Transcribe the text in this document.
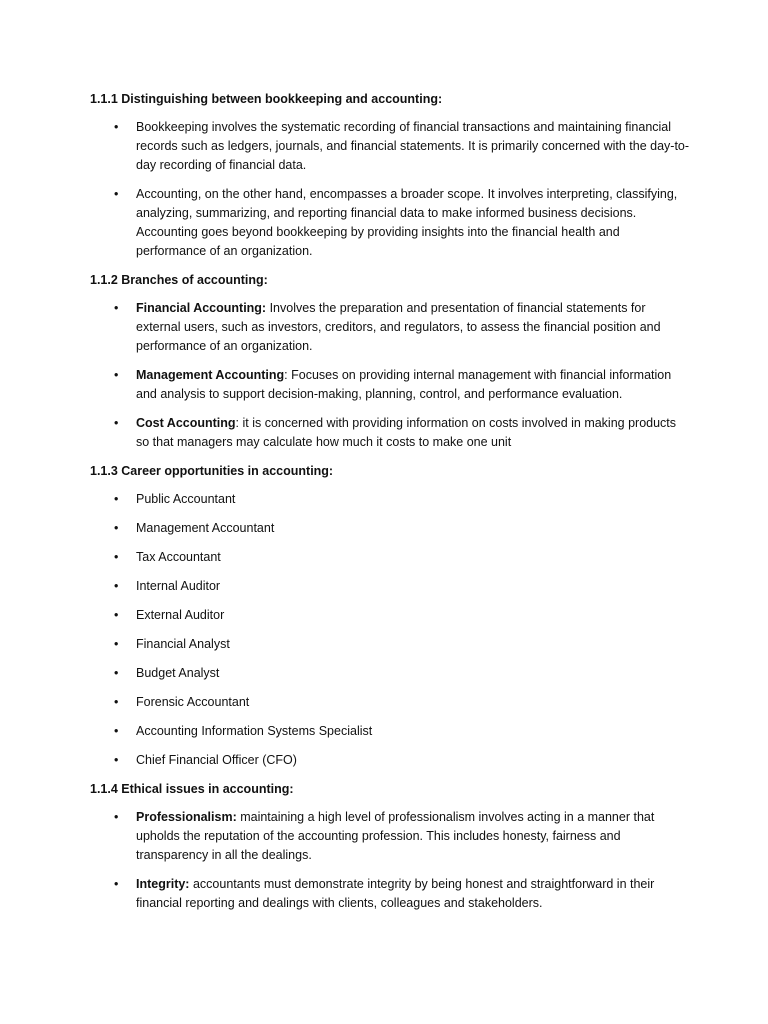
1.1.1 Distinguishing between bookkeeping and accounting:
• Bookkeeping involves the systematic recording of financial transactions and maintaining financial records such as ledgers, journals, and financial statements. It is primarily concerned with the day-to-day recording of financial data.
• Accounting, on the other hand, encompasses a broader scope. It involves interpreting, classifying, analyzing, summarizing, and reporting financial data to make informed business decisions. Accounting goes beyond bookkeeping by providing insights into the financial health and performance of an organization.
1.1.2 Branches of accounting:
• Financial Accounting: Involves the preparation and presentation of financial statements for external users, such as investors, creditors, and regulators, to assess the financial position and performance of an organization.
• Management Accounting: Focuses on providing internal management with financial information and analysis to support decision-making, planning, control, and performance evaluation.
• Cost Accounting: it is concerned with providing information on costs involved in making products so that managers may calculate how much it costs to make one unit
1.1.3 Career opportunities in accounting:
• Public Accountant
• Management Accountant
• Tax Accountant
• Internal Auditor
• External Auditor
• Financial Analyst
• Budget Analyst
• Forensic Accountant
• Accounting Information Systems Specialist
• Chief Financial Officer (CFO)
1.1.4 Ethical issues in accounting:
• Professionalism: maintaining a high level of professionalism involves acting in a manner that upholds the reputation of the accounting profession. This includes honesty, fairness and transparency in all the dealings.
• Integrity: accountants must demonstrate integrity by being honest and straightforward in their financial reporting and dealings with clients, colleagues and stakeholders.
